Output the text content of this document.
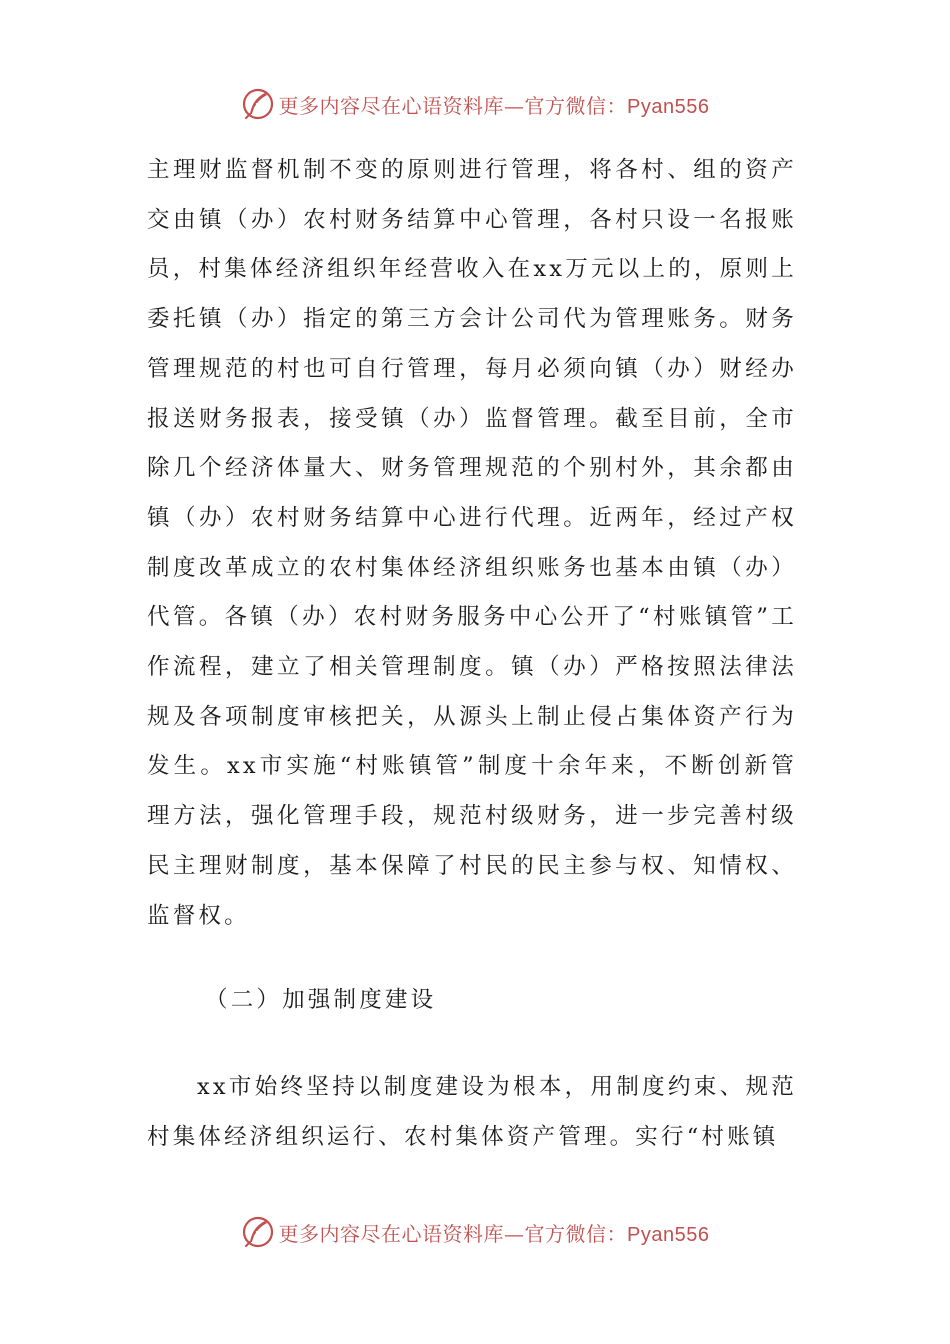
更多内容尽在心语资料库—官方微信：Pyan556

主理财监督机制不变的原则进行管理，将各村、组的资产交由镇（办）农村财务结算中心管理，各村只设一名报账员，村集体经济组织年经营收入在xx万元以上的，原则上委托镇（办）指定的第三方会计公司代为管理账务。财务管理规范的村也可自行管理，每月必须向镇（办）财经办报送财务报表，接受镇（办）监督管理。截至目前，全市除几个经济体量大、财务管理规范的个别村外，其余都由镇（办）农村财务结算中心进行代理。近两年，经过产权制度改革成立的农村集体经济组织账务也基本由镇（办）代管。各镇（办）农村财务服务中心公开了“村账镇管”工作流程，建立了相关管理制度。镇（办）严格按照法律法规及各项制度审核把关，从源头上制止侵占集体资产行为发生。xx市实施“村账镇管”制度十余年来，不断创新管理方法，强化管理手段，规范村级财务，进一步完善村级民主理财制度，基本保障了村民的民主参与权、知情权、监督权。

（二）加强制度建设

xx市始终坚持以制度建设为根本，用制度约束、规范村集体经济组织运行、农村集体资产管理。实行“村账镇

更多内容尽在心语资料库—官方微信：Pyan556
